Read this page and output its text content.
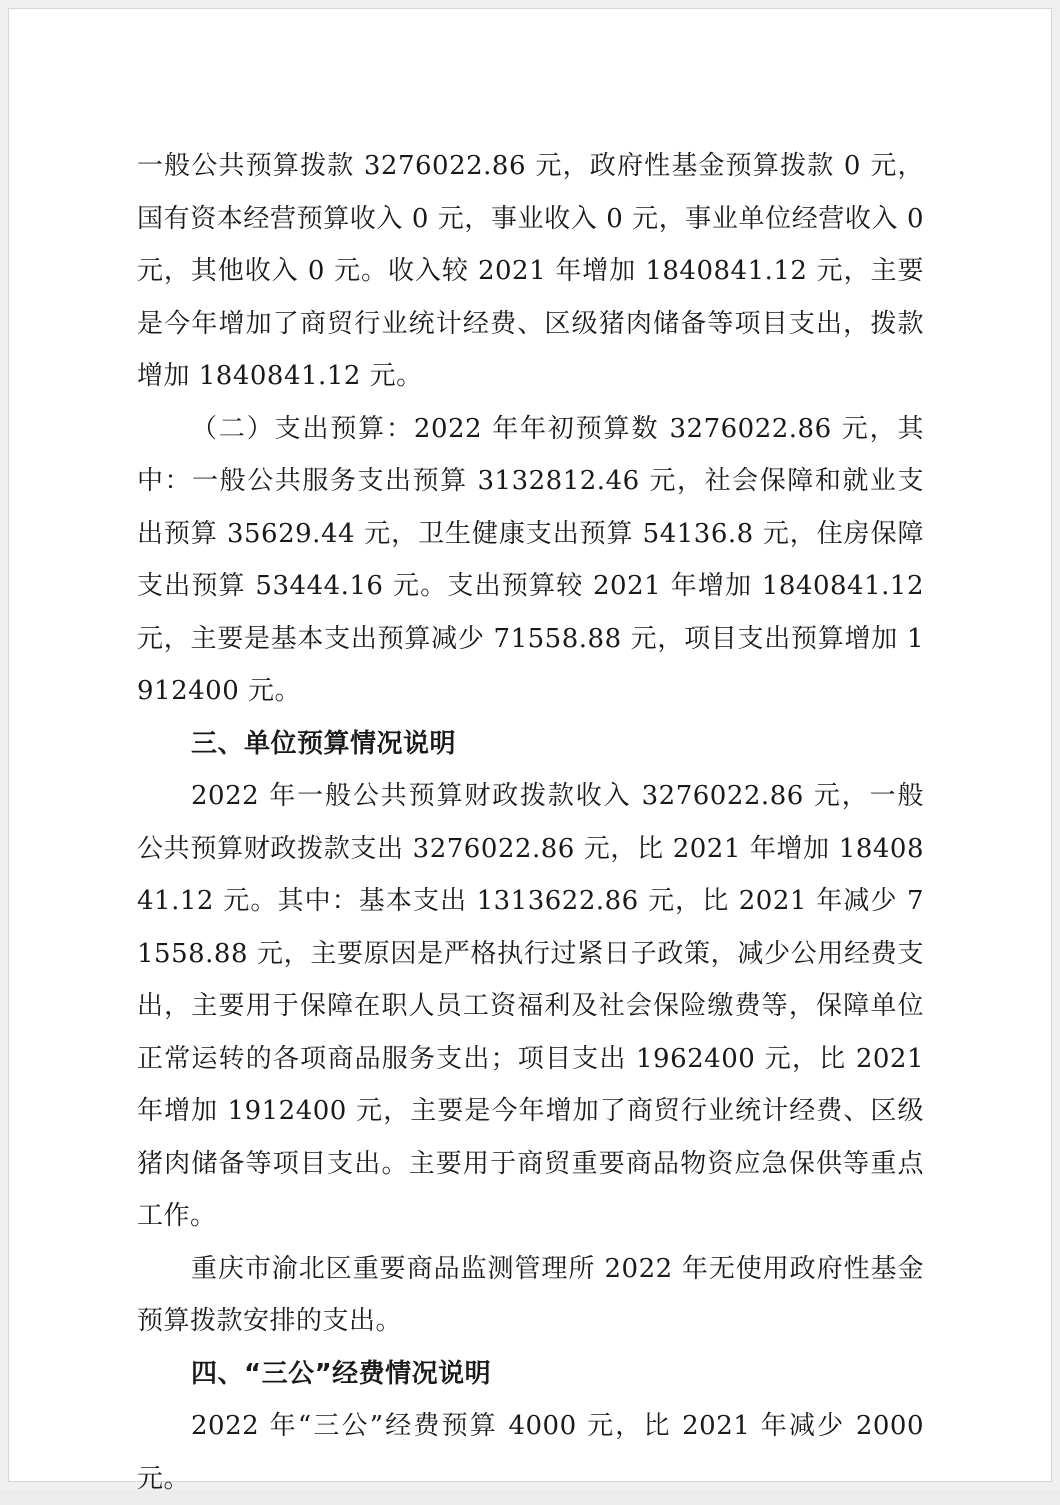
一般公共预算拨款 3276022.86 元，政府性基金预算拨款 0 元，国有资本经营预算收入 0 元，事业收入 0 元，事业单位经营收入 0 元，其他收入 0 元。收入较 2021 年增加 1840841.12 元，主要是今年增加了商贸行业统计经费、区级猪肉储备等项目支出，拨款增加 1840841.12 元。

（二）支出预算：2022 年年初预算数 3276022.86 元，其中：一般公共服务支出预算 3132812.46 元，社会保障和就业支出预算 35629.44 元，卫生健康支出预算 54136.8 元，住房保障支出预算 53444.16 元。支出预算较 2021 年增加 1840841.12 元，主要是基本支出预算减少 71558.88 元，项目支出预算增加 1912400 元。

三、单位预算情况说明

2022 年一般公共预算财政拨款收入 3276022.86 元，一般公共预算财政拨款支出 3276022.86 元，比 2021 年增加 1840841.12 元。其中：基本支出 1313622.86 元，比 2021 年减少 71558.88 元，主要原因是严格执行过紧日子政策，减少公用经费支出，主要用于保障在职人员工资福利及社会保险缴费等，保障单位正常运转的各项商品服务支出；项目支出 1962400 元，比 2021 年增加 1912400 元，主要是今年增加了商贸行业统计经费、区级猪肉储备等项目支出。主要用于商贸重要商品物资应急保供等重点工作。

重庆市渝北区重要商品监测管理所 2022 年无使用政府性基金预算拨款安排的支出。

四、“三公”经费情况说明

2022 年“三公”经费预算 4000 元，比 2021 年减少 2000 元。
